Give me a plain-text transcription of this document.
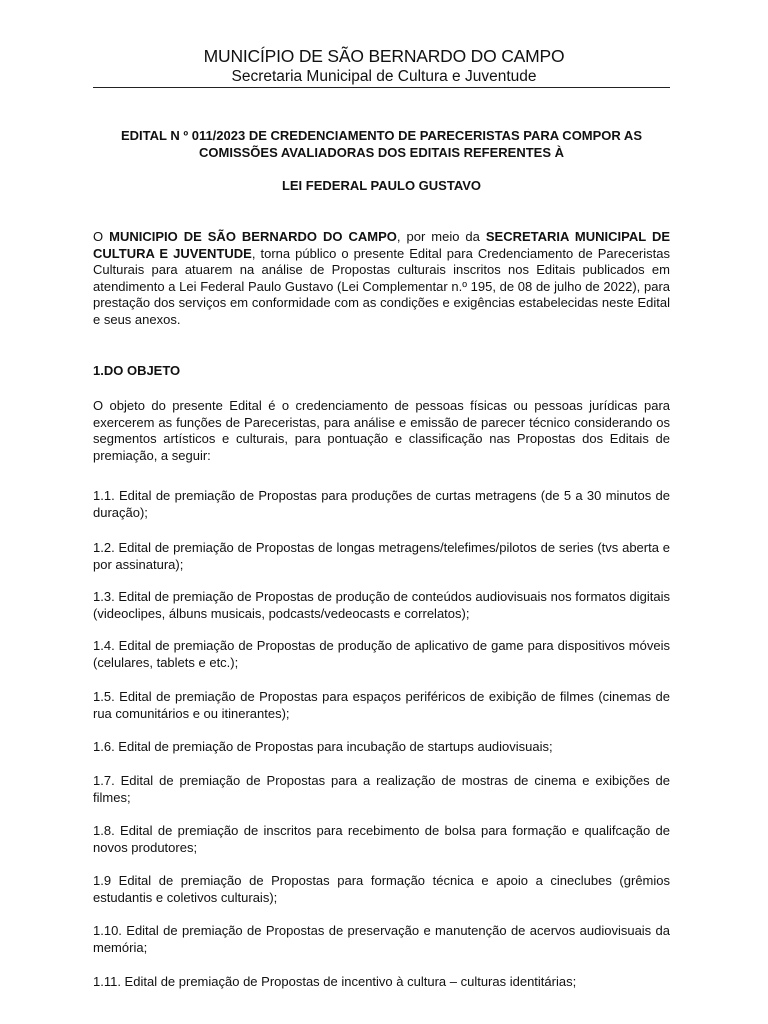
MUNICÍPIO DE SÃO BERNARDO DO CAMPO
Secretaria Municipal de Cultura e Juventude
EDITAL N º 011/2023 DE CREDENCIAMENTO DE PARECERISTAS PARA COMPOR AS
COMISSÕES AVALIADORAS DOS EDITAIS REFERENTES À
LEI FEDERAL PAULO GUSTAVO
O MUNICIPIO DE SÃO BERNARDO DO CAMPO, por meio da SECRETARIA MUNICIPAL DE CULTURA E JUVENTUDE, torna público o presente Edital para Credenciamento de Pareceristas Culturais para atuarem na análise de Propostas culturais inscritos nos Editais publicados em atendimento a Lei Federal Paulo Gustavo (Lei Complementar n.º 195, de 08 de julho de 2022), para prestação dos serviços em conformidade com as condições e exigências estabelecidas neste Edital e seus anexos.
1.DO OBJETO
O objeto do presente Edital é o credenciamento de pessoas físicas ou pessoas jurídicas para exercerem as funções de Pareceristas, para análise e emissão de parecer técnico considerando os segmentos artísticos e culturais, para pontuação e classificação nas Propostas dos Editais de premiação, a seguir:
1.1. Edital de premiação de Propostas para produções de curtas metragens (de 5 a 30 minutos de duração);
1.2. Edital de premiação de Propostas de longas metragens/telefimes/pilotos de series (tvs aberta e por assinatura);
1.3. Edital de premiação de Propostas de produção de conteúdos audiovisuais nos formatos digitais (videoclipes, álbuns musicais, podcasts/vedeocasts e correlatos);
1.4. Edital de premiação de Propostas de produção de aplicativo de game para dispositivos móveis (celulares, tablets e etc.);
1.5. Edital de premiação de Propostas para espaços periféricos de exibição de filmes (cinemas de rua comunitários e ou itinerantes);
1.6. Edital de premiação de Propostas para incubação de startups audiovisuais;
1.7. Edital de premiação de Propostas para a realização de mostras de cinema e exibições de filmes;
1.8. Edital de premiação de inscritos para recebimento de bolsa para formação e qualifcação de novos produtores;
1.9 Edital de premiação de Propostas para formação técnica e apoio a cineclubes (grêmios estudantis e coletivos culturais);
1.10. Edital de premiação de Propostas de preservação e manutenção de acervos audiovisuais da memória;
1.11. Edital de premiação de Propostas de incentivo à cultura – culturas identitárias;
